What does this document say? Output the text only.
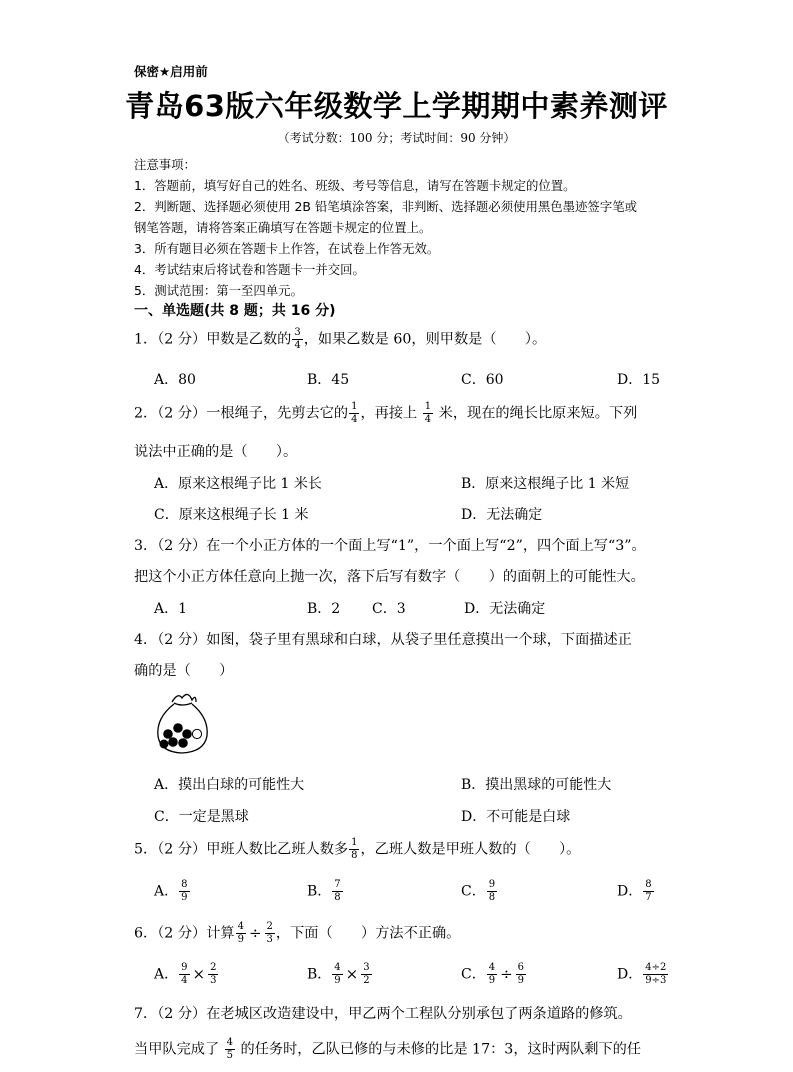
保密★启用前
青岛63版六年级数学上学期期中素养测评
（考试分数：100 分；考试时间：90 分钟）
注意事项：
1．答题前，填写好自己的姓名、班级、考号等信息，请写在答题卡规定的位置。
2．判断题、选择题必须使用 2B 铅笔填涂答案，非判断、选择题必须使用黑色墨迹签字笔或
钢笔答题，请将答案正确填写在答题卡规定的位置上。
3．所有题目必须在答题卡上作答，在试卷上作答无效。
4．考试结束后将试卷和答题卡一并交回。
5．测试范围：第一至四单元。
一、单选题(共 8 题；共 16 分)
1．（2 分）甲数是乙数的 $\frac{3}{4}$ ，如果乙数是 60，则甲数是（　　）。
A．80	B．45	C．60	D．15
2．（2 分）一根绳子，先剪去它的 $\frac{1}{4}$ ，再接上 $\frac{1}{4}$ 米，现在的绳长比原来短。下列
说法中正确的是（　　）。
A．原来这根绳子比 1 米长	B．原来这根绳子比 1 米短
C．原来这根绳子长 1 米	D．无法确定
3．（2 分）在一个小正方体的一个面上写“1”，一个面上写“2”，四个面上写“3”。
把这个小正方体任意向上抛一次，落下后写有数字（　　）的面朝上的可能性大。
A．1	B．2 C．3	D．无法确定
4．（2 分）如图，袋子里有黑球和白球，从袋子里任意摸出一个球，下面描述正
确的是（　　）
A．摸出白球的可能性大	B．摸出黑球的可能性大
C．一定是黑球	D．不可能是白球
5．（2 分）甲班人数比乙班人数多 $\frac{1}{8}$ ，乙班人数是甲班人数的（　　）。
A． $\frac{8}{9}$	B． $\frac{7}{8}$	C． $\frac{9}{8}$	D． $\frac{8}{7}$
6．（2 分）计算 $\frac{4}{9} \div \frac{2}{3}$ ，下面（　　）方法不正确。
A． $\frac{9}{4} \times \frac{2}{3}$	B． $\frac{4}{9} \times \frac{3}{2}$	C． $\frac{4}{9} \div \frac{6}{9}$	D． $\frac{4\div 2}{9\div 3}$
7．（2 分）在老城区改造建设中，甲乙两个工程队分别承包了两条道路的修筑。
当甲队完成了 $\frac{4}{5}$ 的任务时，乙队已修的与未修的比是 17：3，这时两队剩下的任
